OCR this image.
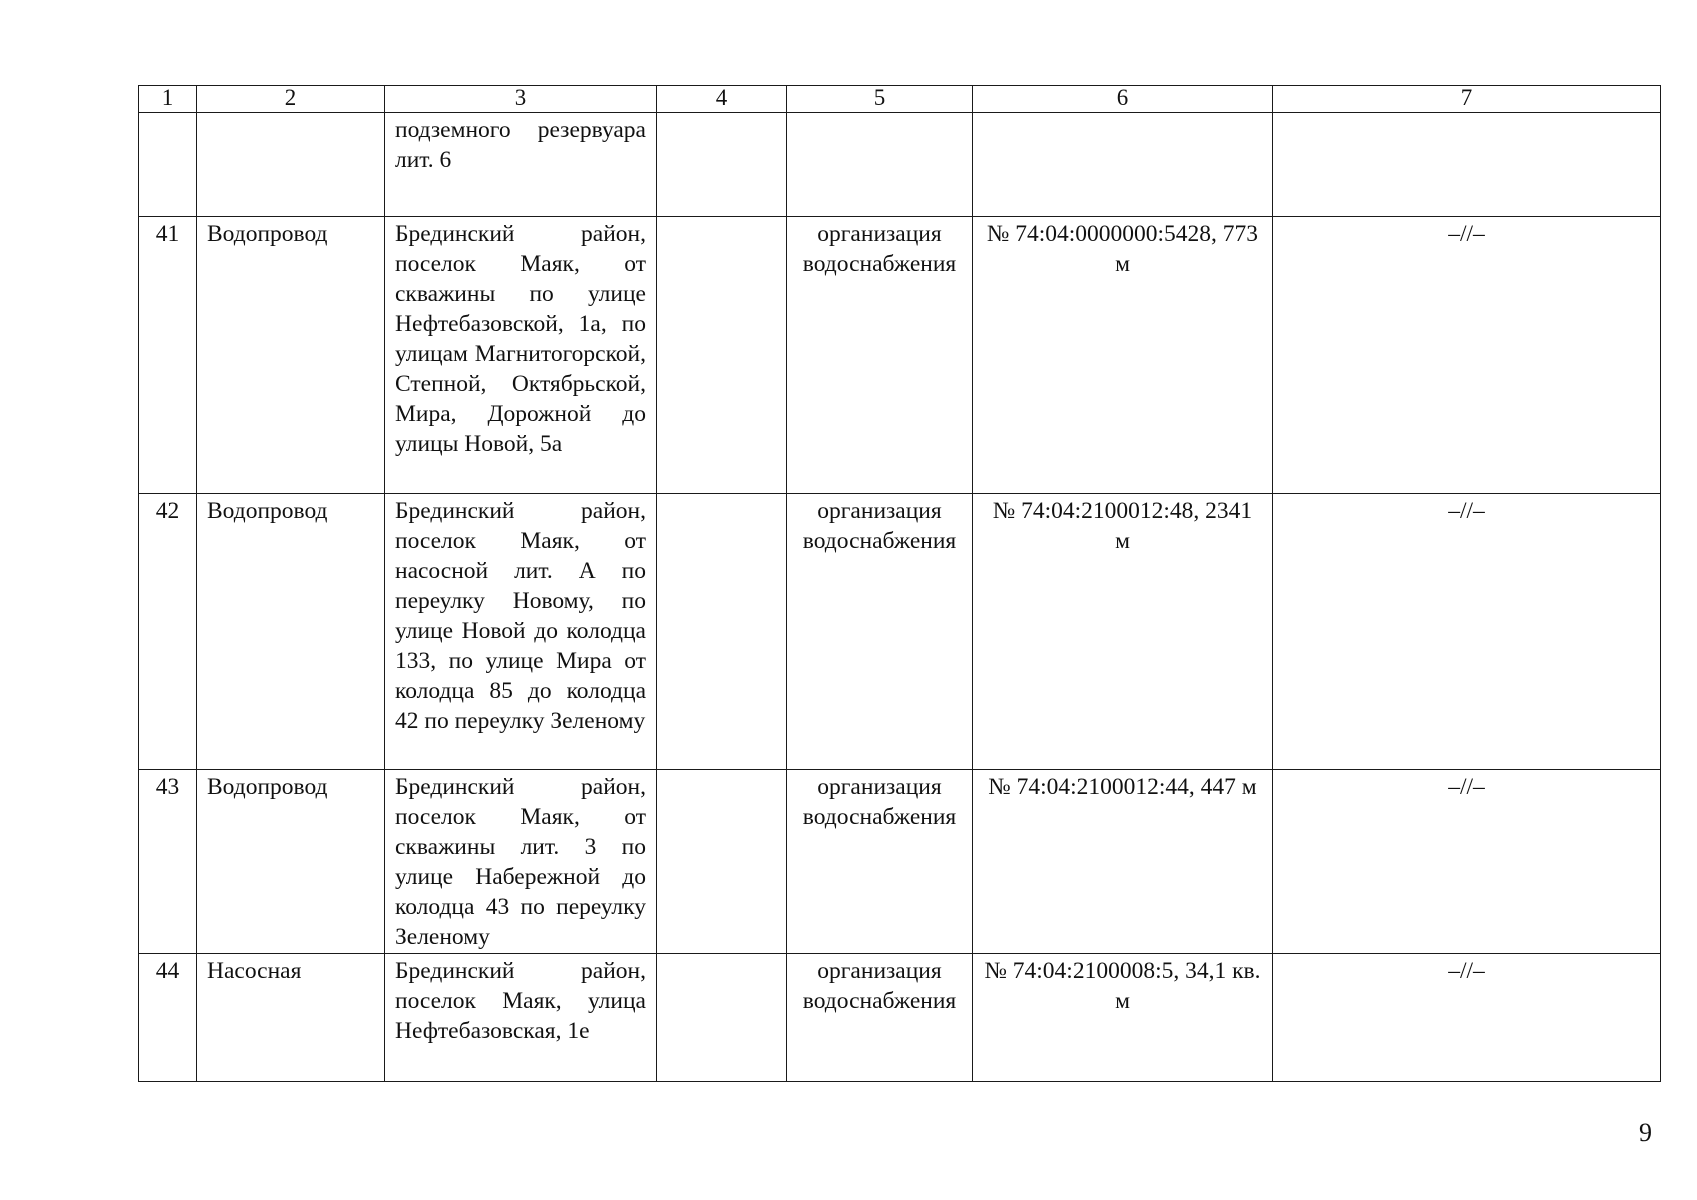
1	2	3	4	5	6	7
		подземного резервуара лит. 6				
41	Водопровод	Брединский район, поселок Маяк, от скважины по улице Нефтебазовской, 1а, по улицам Магнитогорской, Степной, Октябрьской, Мира, Дорожной до улицы Новой, 5а		организация водоснабжения	№ 74:04:0000000:5428, 773 м	–//–
42	Водопровод	Брединский район, поселок Маяк, от насосной лит. А по переулку Новому, по улице Новой до колодца 133, по улице Мира от колодца 85 до колодца 42 по переулку Зеленому		организация водоснабжения	№ 74:04:2100012:48, 2341 м	–//–
43	Водопровод	Брединский район, поселок Маяк, от скважины лит. 3 по улице Набережной до колодца 43 по переулку Зеленому		организация водоснабжения	№ 74:04:2100012:44, 447 м	–//–
44	Насосная	Брединский район, поселок Маяк, улица Нефтебазовская, 1е		организация водоснабжения	№ 74:04:2100008:5, 34,1 кв. м	–//–
9
